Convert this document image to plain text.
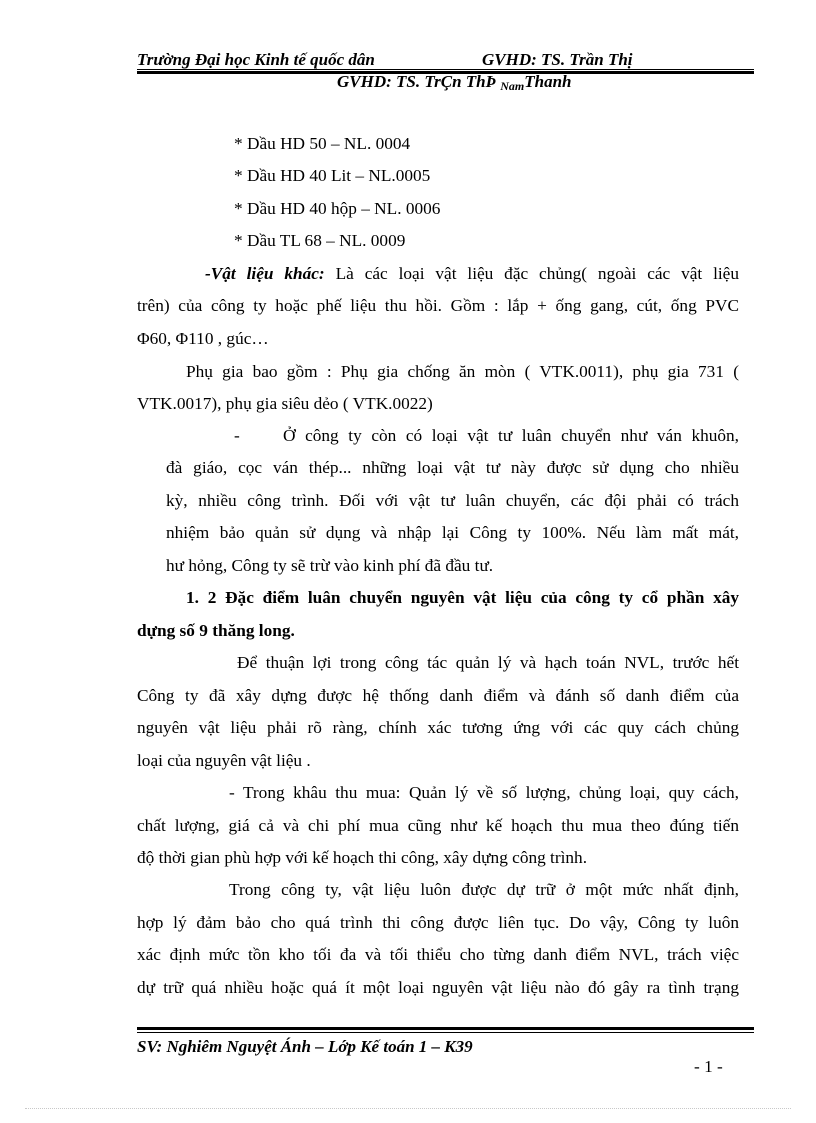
Trường Đại học Kinh tế quốc dân	GVHD: TS. Trần Thị
GVHD: TS. TrÇn ThÞ $_{Nam}$Thanh
* Dầu HD 50 – NL. 0004
* Dầu HD 40 Lit – NL.0005
* Dầu HD 40 hộp – NL. 0006
* Dầu TL 68 – NL. 0009
-Vật liệu khác: Là các loại vật liệu đặc chủng( ngoài các vật liệu
trên) của công ty hoặc phế liệu thu hồi. Gồm : lắp + ống gang, cút, ống PVC
Φ60, Φ110 , gúc…
Phụ gia bao gồm : Phụ gia chống ăn mòn ( VTK.0011), phụ gia 731 (
VTK.0017), phụ gia siêu dẻo ( VTK.0022)
- Ở công ty còn có loại vật tư luân chuyển như ván khuôn,
đà giáo, cọc ván thép... những loại vật tư này được sử dụng cho nhiều
kỳ, nhiều công trình. Đối với vật tư luân chuyển, các đội phải có trách
nhiệm bảo quản sử dụng và nhập lại Công ty 100%. Nếu làm mất mát,
hư hỏng, Công ty sẽ trừ vào kinh phí đã đầu tư.
1. 2 Đặc điểm luân chuyển nguyên vật liệu của công ty cổ phần xây
dựng số 9 thăng long.
Để thuận lợi trong công tác quản lý và hạch toán NVL, trước hết
Công ty đã xây dựng được hệ thống danh điểm và đánh số danh điểm của
nguyên vật liệu phải rõ ràng, chính xác tương ứng với các quy cách chủng
loại của nguyên vật liệu .
- Trong khâu thu mua: Quản lý về số lượng, chủng loại, quy cách,
chất lượng, giá cả và chi phí mua cũng như kế hoạch thu mua theo đúng tiến
độ thời gian phù hợp với kế hoạch thi công, xây dựng công trình.
Trong công ty, vật liệu luôn được dự trữ ở một mức nhất định,
hợp lý đảm bảo cho quá trình thi công được liên tục. Do vậy, Công ty luôn
xác định mức tồn kho tối đa và tối thiểu cho từng danh điểm NVL, trách việc
dự trữ quá nhiều hoặc quá ít một loại nguyên vật liệu nào đó gây ra tình trạng
SV: Nghiêm Nguyệt Ánh – Lớp Kế toán 1 – K39
- 1 -
